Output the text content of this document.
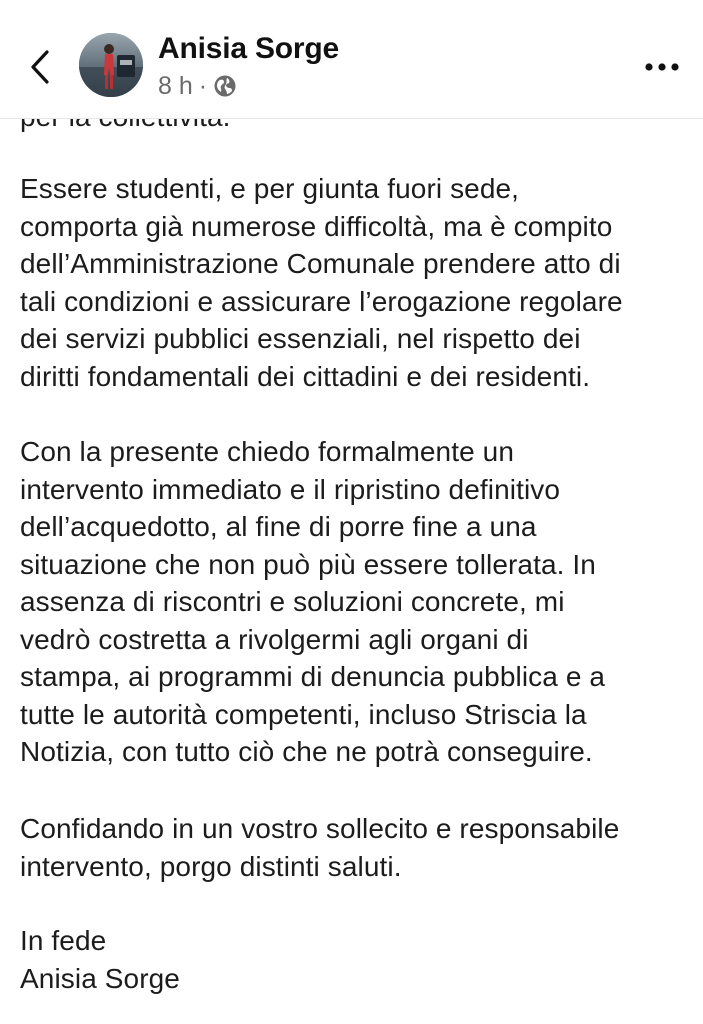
Anisia Sorge
8 h ·
Essere studenti, e per giunta fuori sede,
comporta già numerose difficoltà, ma è compito
dell’Amministrazione Comunale prendere atto di
tali condizioni e assicurare l’erogazione regolare
dei servizi pubblici essenziali, nel rispetto dei
diritti fondamentali dei cittadini e dei residenti.
Con la presente chiedo formalmente un
intervento immediato e il ripristino definitivo
dell’acquedotto, al fine di porre fine a una
situazione che non può più essere tollerata. In
assenza di riscontri e soluzioni concrete, mi
vedrò costretta a rivolgermi agli organi di
stampa, ai programmi di denuncia pubblica e a
tutte le autorità competenti, incluso Striscia la
Notizia, con tutto ciò che ne potrà conseguire.
Confidando in un vostro sollecito e responsabile
intervento, porgo distinti saluti.
In fede
Anisia Sorge
